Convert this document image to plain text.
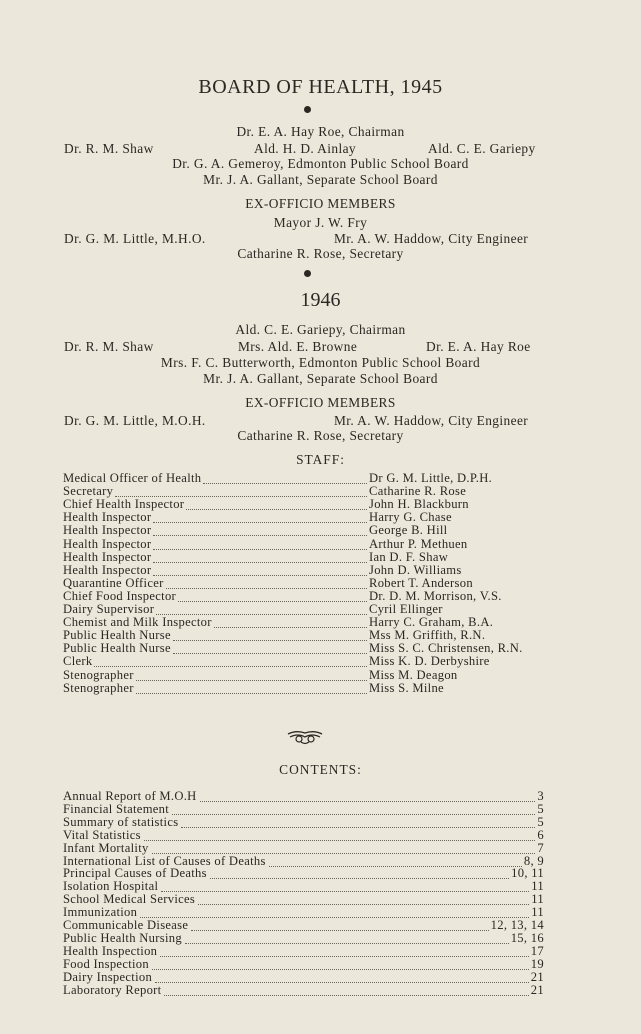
BOARD OF HEALTH, 1945
Dr. E. A. Hay Roe, Chairman
Dr. R. M. Shaw	Ald. H. D. Ainlay	Ald. C. E. Gariepy
Dr. G. A. Gemeroy, Edmonton Public School Board
Mr. J. A. Gallant, Separate School Board
EX-OFFICIO MEMBERS
Mayor J. W. Fry
Dr. G. M. Little, M.H.O.	Mr. A. W. Haddow, City Engineer
Catharine R. Rose, Secretary
1946
Ald. C. E. Gariepy, Chairman
Dr. R. M. Shaw	Mrs. Ald. E. Browne	Dr. E. A. Hay Roe
Mrs. F. C. Butterworth, Edmonton Public School Board
Mr. J. A. Gallant, Separate School Board
EX-OFFICIO MEMBERS
Dr. G. M. Little, M.O.H.	Mr. A. W. Haddow, City Engineer
Catharine R. Rose, Secretary
STAFF:
Medical Officer of Health	Dr G. M. Little, D.P.H.
Secretary	Catharine R. Rose
Chief Health Inspector	John H. Blackburn
Health Inspector	Harry G. Chase
Health Inspector	George B. Hill
Health Inspector	Arthur P. Methuen
Health Inspector	Ian D. F. Shaw
Health Inspector	John D. Williams
Quarantine Officer	Robert T. Anderson
Chief Food Inspector	Dr. D. M. Morrison, V.S.
Dairy Supervisor	Cyril Ellinger
Chemist and Milk Inspector	Harry C. Graham, B.A.
Public Health Nurse	Mss M. Griffith, R.N.
Public Health Nurse	Miss S. C. Christensen, R.N.
Clerk	Miss K. D. Derbyshire
Stenographer	Miss M. Deagon
Stenographer	Miss S. Milne
CONTENTS:
Annual Report of M.O.H	3
Financial Statement	5
Summary of statistics	5
Vital Statistics	6
Infant Mortality	7
International List of Causes of Deaths	8, 9
Principal Causes of Deaths	10, 11
Isolation Hospital	11
School Medical Services	11
Immunization	11
Communicable Disease	12, 13, 14
Public Health Nursing	15, 16
Health Inspection	17
Food Inspection	19
Dairy Inspection	21
Laboratory Report	21
